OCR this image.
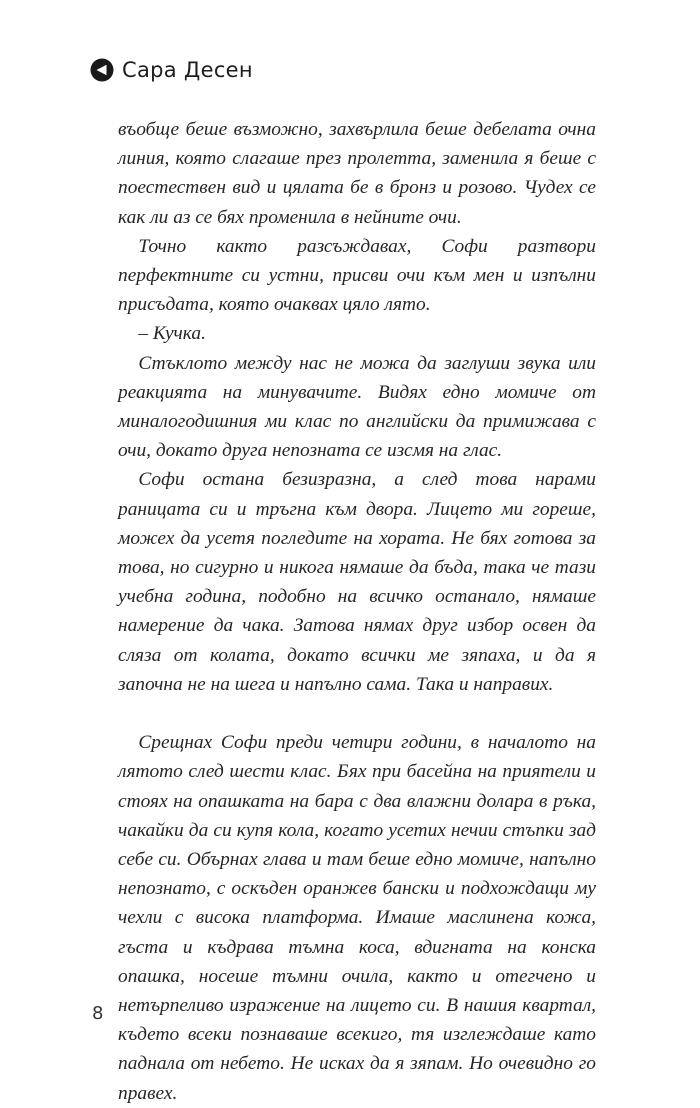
Сара Десен

въобще беше възможно, захвърлила беше дебелата очна линия, която слагаше през пролетта, заменила я беше с поестествен вид и цялата бе в бронз и розово. Чудех се как ли аз се бях променила в нейните очи.

Точно както разсъждавах, Софи разтвори перфектните си устни, присви очи към мен и изпълни присъдата, която очаквах цяло лято.

– Кучка.

Стъклото между нас не можа да заглуши звука или реакцията на минувачите. Видях едно момиче от миналогодишния ми клас по английски да примижава с очи, докато друга непозната се изсмя на глас.

Софи остана безизразна, а след това нарами раницата си и тръгна към двора. Лицето ми гореше, можех да усетя погледите на хората. Не бях готова за това, но сигурно и никога нямаше да бъда, така че тази учебна година, подобно на всичко останало, нямаше намерение да чака. Затова нямах друг избор освен да сляза от колата, докато всички ме зяпаха, и да я започна не на шега и напълно сама. Така и направих.

Срещнах Софи преди четири години, в началото на лятото след шести клас. Бях при басейна на приятели и стоях на опашката на бара с два влажни долара в ръка, чакайки да си купя кола, когато усетих нечии стъпки зад себе си. Обърнах глава и там беше едно момиче, напълно непознато, с оскъден оранжев бански и подхождащи му чехли с висока платформа. Имаше маслинена кожа, гъста и къдрава тъмна коса, вдигната на конска опашка, носеше тъмни очила, както и отегчено и нетърпеливо изражение на лицето си. В нашия квартал, където всеки познаваше всекиго, тя изглеждаше като паднала от небето. Не исках да я зяпам. Но очевидно го правех.

8
